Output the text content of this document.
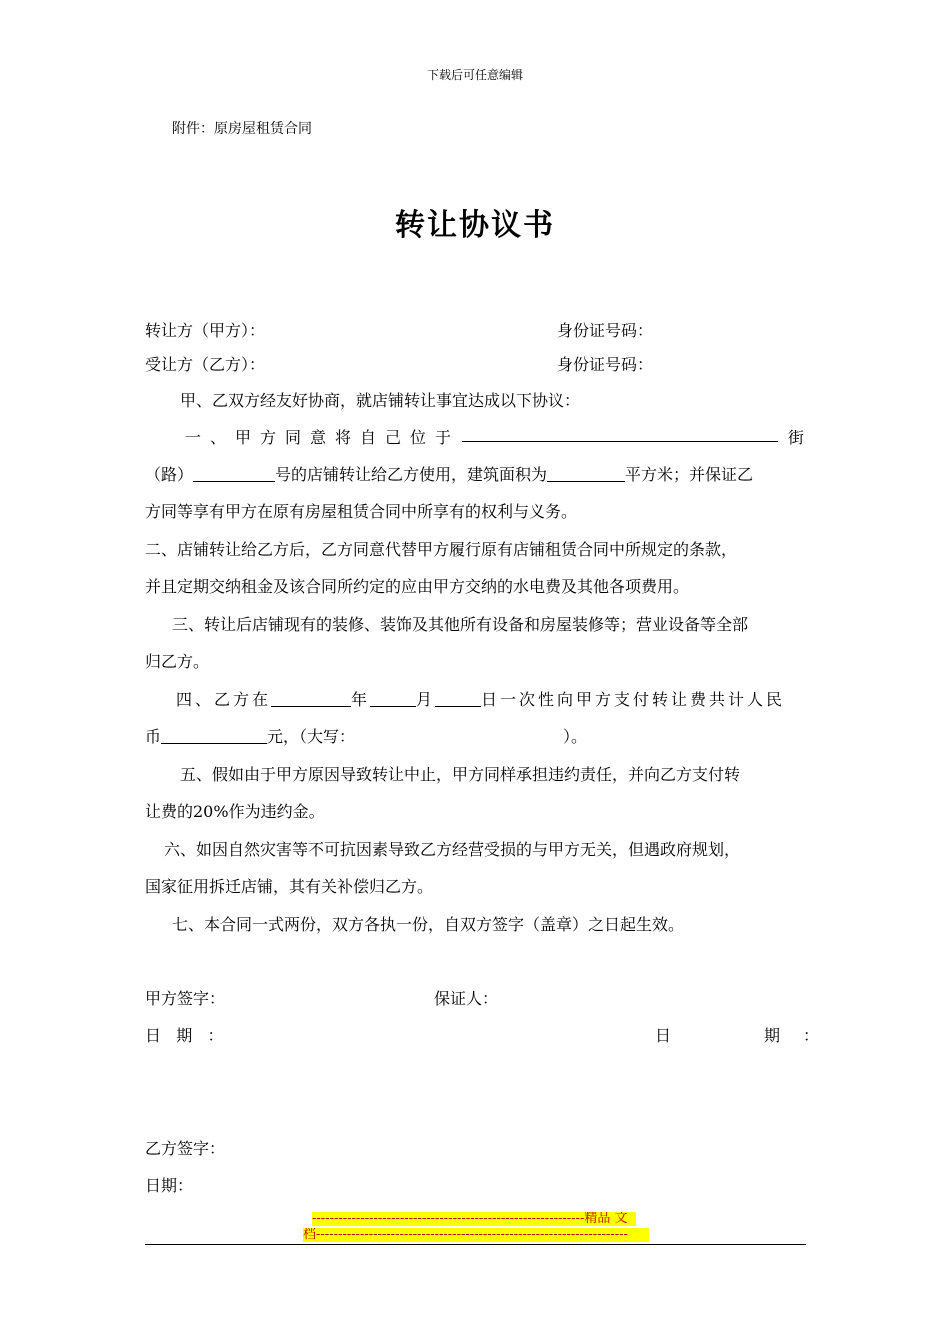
下载后可任意编辑
附件：原房屋租赁合同
转让协议书
转让方（甲方）：	身份证号码：
受让方（乙方）：	身份证号码：
甲、乙双方经友好协商，就店铺转让事宜达成以下协议：
一、甲方同意将自己位于	街
（路）	号的店铺转让给乙方使用，建筑面积为	平方米；并保证乙
方同等享有甲方在原有房屋租赁合同中所享有的权利与义务。
二、店铺转让给乙方后，乙方同意代替甲方履行原有店铺租赁合同中所规定的条款，
并且定期交纳租金及该合同所约定的应由甲方交纳的水电费及其他各项费用。
三、转让后店铺现有的装修、装饰及其他所有设备和房屋装修等；营业设备等全部
归乙方。
四、乙方在	年	月	日一次性向甲方支付转让费共计人民
币	元，（大写：	）。
五、假如由于甲方原因导致转让中止，甲方同样承担违约责任，并向乙方支付转
让费的20%作为违约金。
六、如因自然灾害等不可抗因素导致乙方经营受损的与甲方无关，但遇政府规划，
国家征用拆迁店铺，其有关补偿归乙方。
七、本合同一式两份，双方各执一份，自双方签字（盖章）之日起生效。
甲方签字：	保证人：
日   期   ：	日	期 ：
乙方签字：
日期：
--------------------------------------------------------------精品 文
档-----------------------------------------------------------------------
